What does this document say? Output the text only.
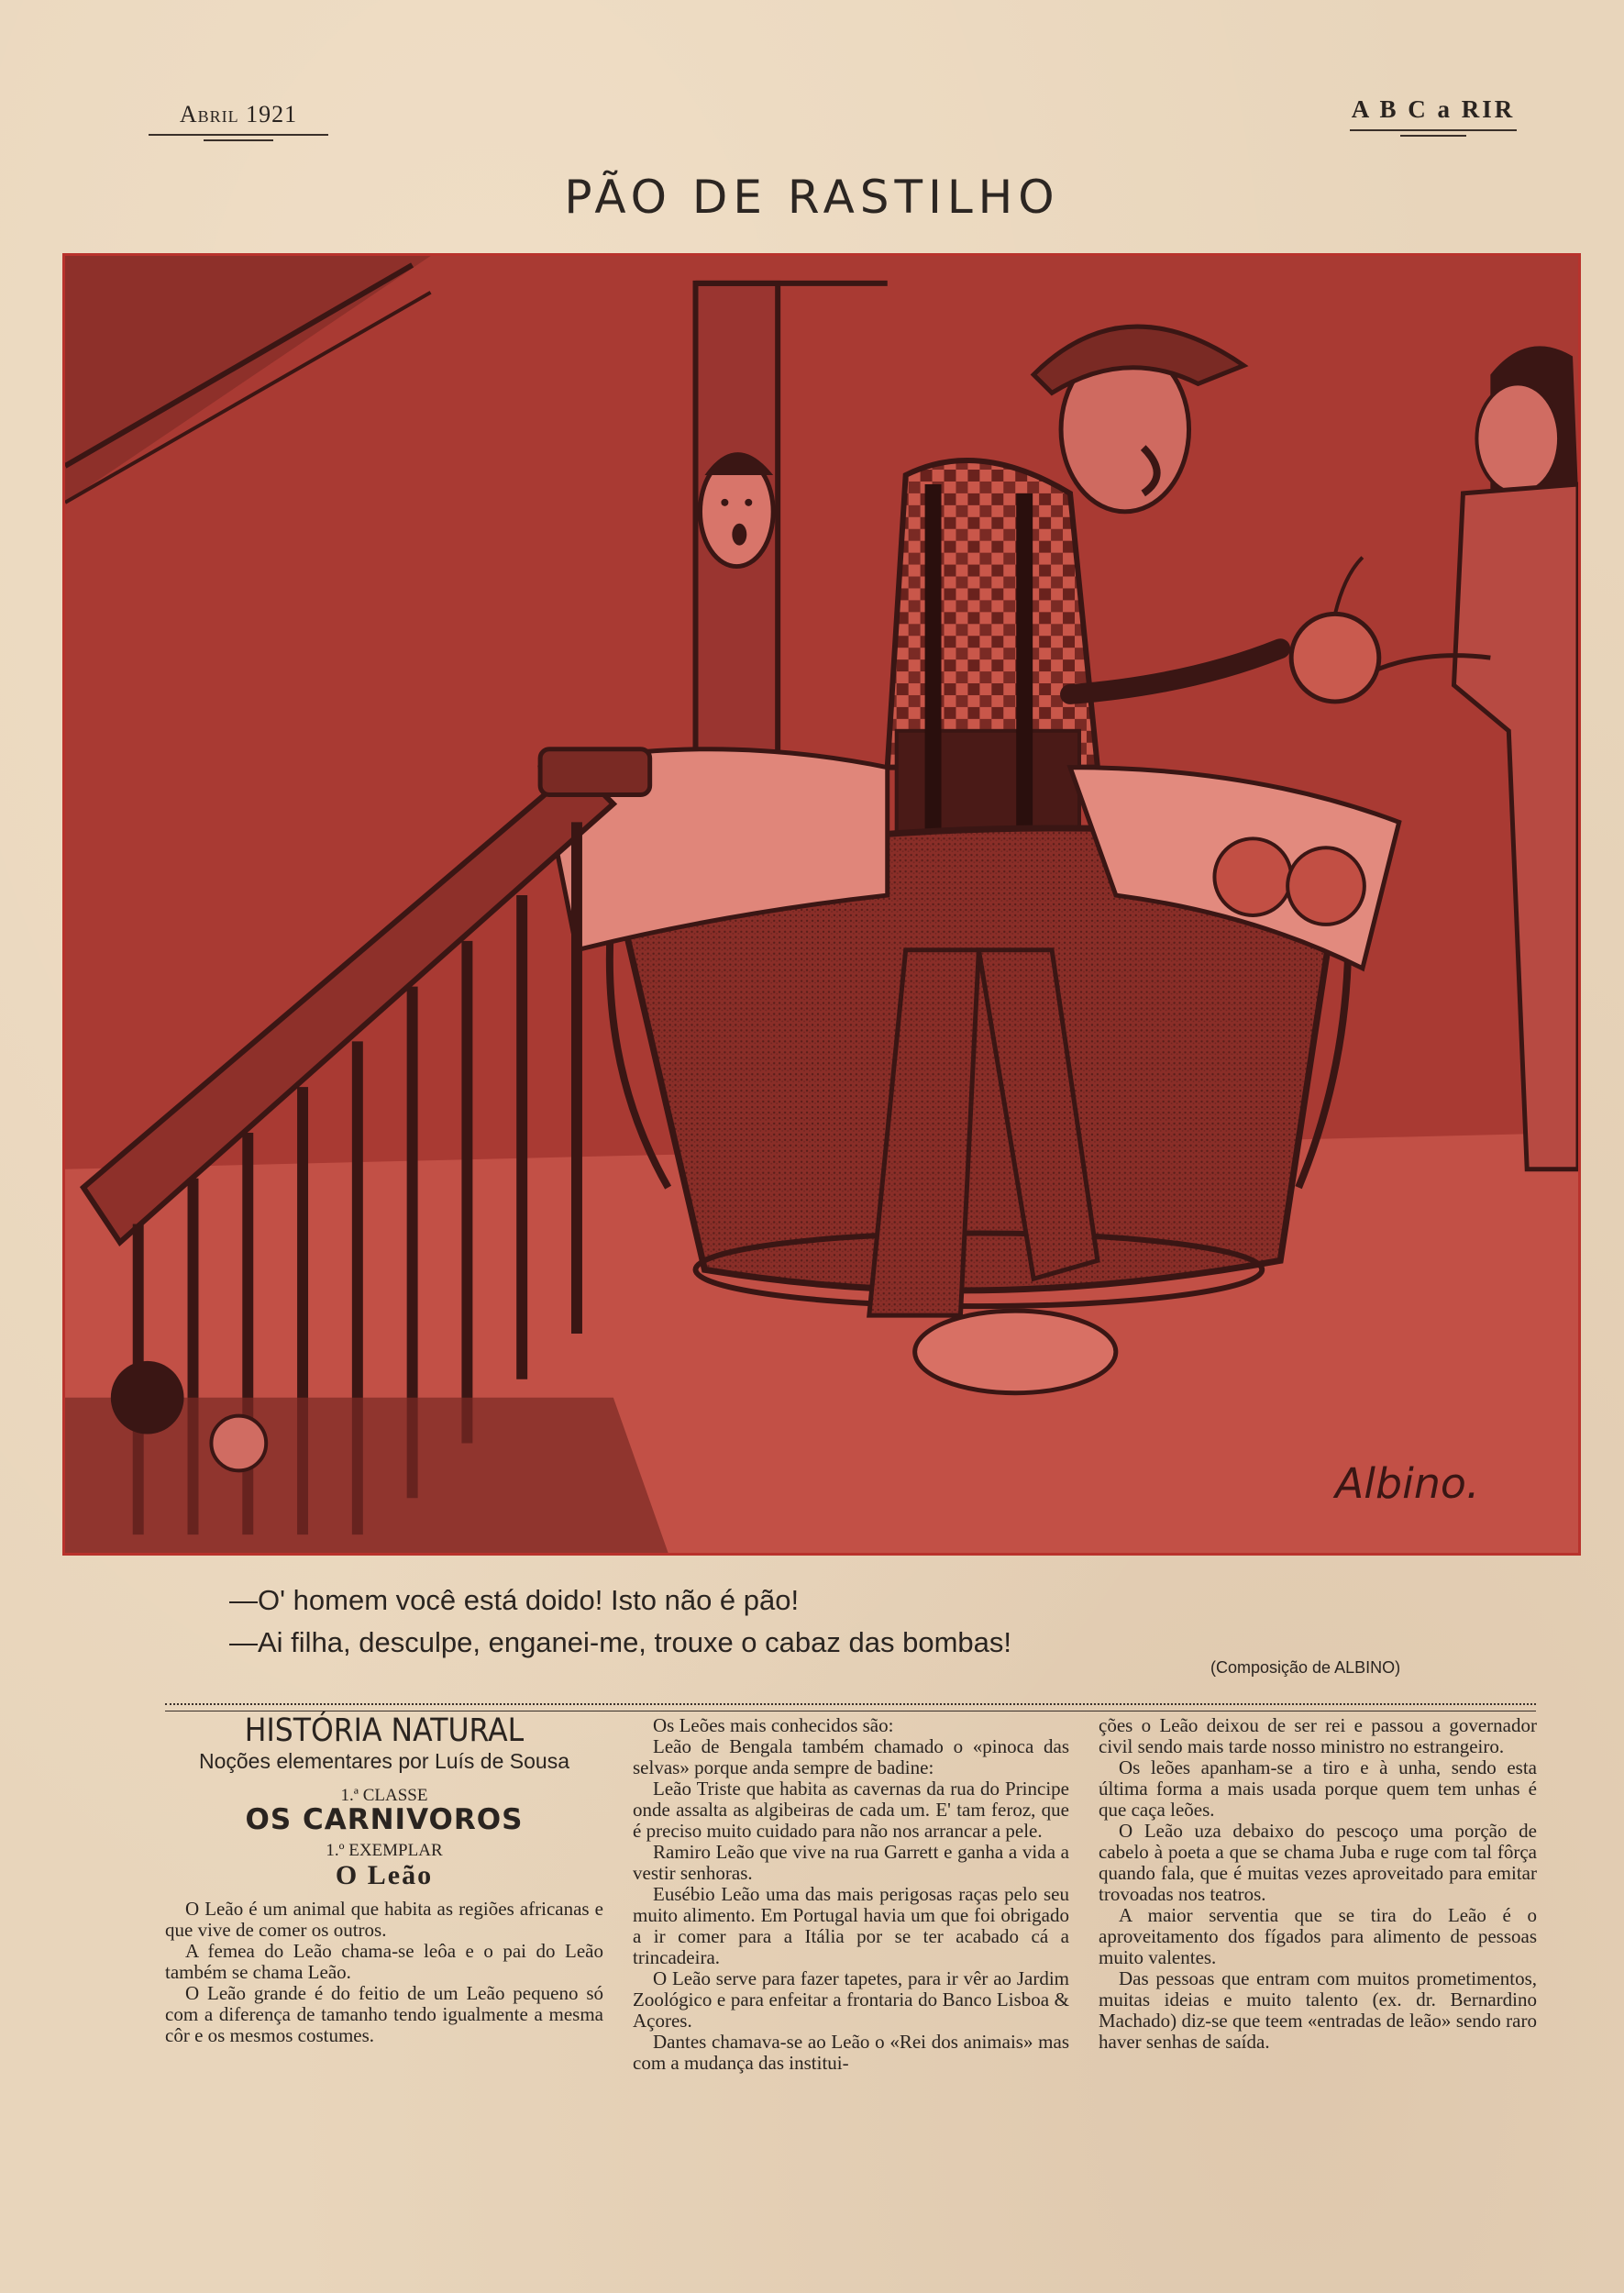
Abril 1921	A B C a RIR
PÃO DE RASTILHO
Albino.
—O' homem você está doido! Isto não é pão!
—Ai filha, desculpe, enganei-me, trouxe o cabaz das bombas!
(Composição de ALBINO)
HISTÓRIA NATURAL
Noções elementares por Luís de Sousa
1.ª CLASSE
OS CARNIVOROS
1.º EXEMPLAR
O Leão

O Leão é um animal que habita as regiões africanas e que vive de comer os outros.

A femea do Leão chama-se leôa e o pai do Leão também se chama Leão.

O Leão grande é do feitio de um Leão pequeno só com a diferença de tamanho tendo igualmente a mesma côr e os mesmos costumes.

Os Leões mais conhecidos são:

Leão de Bengala também chamado o «pinoca das selvas» porque anda sempre de badine:

Leão Triste que habita as cavernas da rua do Principe onde assalta as algibeiras de cada um. E' tam feroz, que é preciso muito cuidado para não nos arrancar a pele.

Ramiro Leão que vive na rua Garrett e ganha a vida a vestir senhoras.

Eusébio Leão uma das mais perigosas raças pelo seu muito alimento. Em Portugal havia um que foi obrigado a ir comer para a Itália por se ter acabado cá a trincadeira.

O Leão serve para fazer tapetes, para ir vêr ao Jardim Zoológico e para enfeitar a frontaria do Banco Lisboa & Açores.

Dantes chamava-se ao Leão o «Rei dos animais» mas com a mudança das institui-

ções o Leão deixou de ser rei e passou a governador civil sendo mais tarde nosso ministro no estrangeiro.

Os leões apanham-se a tiro e à unha, sendo esta última forma a mais usada porque quem tem unhas é que caça leões.

O Leão uza debaixo do pescoço uma porção de cabelo à poeta a que se chama Juba e ruge com tal fôrça quando fala, que é muitas vezes aproveitado para emitar trovoadas nos teatros.

A maior serventia que se tira do Leão é o aproveitamento dos fígados para alimento de pessoas muito valentes.

Das pessoas que entram com muitos prometimentos, muitas ideias e muito talento (ex. dr. Bernardino Machado) diz-se que teem «entradas de leão» sendo raro haver senhas de saída.
